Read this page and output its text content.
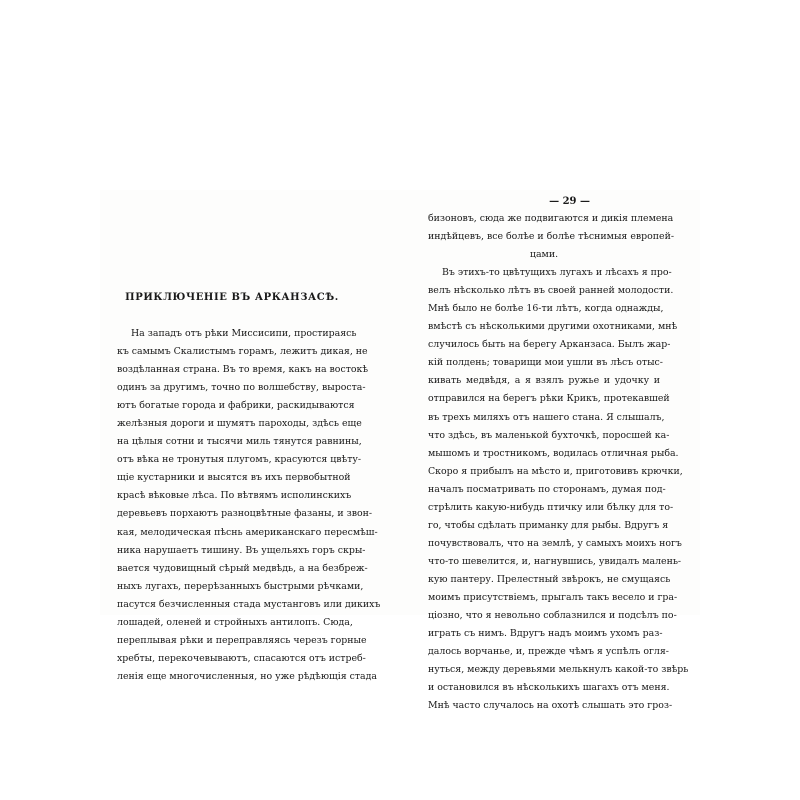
ПРИКЛЮЧЕНІЕ ВЪ АРКАНЗАСѢ.
На западъ отъ рѣки Миссисипи, простираясь
къ самымъ Скалистымъ горамъ, лежитъ дикая, не
воздѣланная страна. Въ то время, какъ на востокѣ
одинъ за другимъ, точно по волшебству, выроста-
ютъ богатые города и фабрики, раскидываются
желѣзныя дороги и шумятъ пароходы, здѣсь еще
на цѣлыя сотни и тысячи миль тянутся равнины,
отъ вѣка не тронутыя плугомъ, красуются цвѣту-
щіе кустарники и высятся въ ихъ первобытной
красѣ вѣковые лѣса. По вѣтвямъ исполинскихъ
деревьевъ порхаютъ разноцвѣтные фазаны, и звон-
кая, мелодическая пѣснь американскаго пересмѣш-
ника нарушаетъ тишину. Въ ущельяхъ горъ скры-
вается чудовищный сѣрый медвѣдь, а на безбреж-
ныхъ лугахъ, перерѣзанныхъ быстрыми рѣчками,
пасутся безчисленныя стада мустанговъ или дикихъ
лошадей, оленей и стройныхъ антилопъ. Сюда,
переплывая рѣки и переправляясь черезъ горные
хребты, перекочевываютъ, спасаются отъ истреб-
ленія еще многочисленныя, но уже рѣдѣющія стада
— 29 —
бизоновъ, сюда же подвигаются и дикія племена
индѣйцевъ, все болѣе и болѣе тѣснимыя европей-
цами.
Въ этихъ-то цвѣтущихъ лугахъ и лѣсахъ я про-
велъ нѣсколько лѣтъ въ своей ранней молодости.
Мнѣ было не болѣе 16-ти лѣтъ, когда однажды,
вмѣстѣ съ нѣсколькими другими охотниками, мнѣ
случилось быть на берегу Арканзаса. Былъ жар-
кій полдень; товарищи мои ушли въ лѣсъ отыс-
кивать медвѣдя, а я взялъ ружье и удочку и
отправился на берегъ рѣки Крикъ, протекавшей
въ трехъ миляхъ отъ нашего стана. Я слышалъ,
что здѣсь, въ маленькой бухточкѣ, поросшей ка-
мышомъ и тростникомъ, водилась отличная рыба.
Скоро я прибылъ на мѣсто и, приготовивъ крючки,
началъ посматривать по сторонамъ, думая под-
стрѣлить какую-нибудь птичку или бѣлку для то-
го, чтобы сдѣлать приманку для рыбы. Вдругъ я
почувствовалъ, что на землѣ, у самыхъ моихъ ногъ
что-то шевелится, и, нагнувшись, увидалъ малень-
кую пантеру. Прелестный звѣрокъ, не смущаясь
моимъ присутствіемъ, прыгалъ такъ весело и гра-
ціозно, что я невольно соблазнился и подсѣлъ по-
играть съ нимъ. Вдругъ надъ моимъ ухомъ раз-
далось ворчанье, и, прежде чѣмъ я успѣлъ огля-
нуться, между деревьями мелькнулъ какой-то звѣрь
и остановился въ нѣсколькихъ шагахъ отъ меня.
Мнѣ часто случалось на охотѣ слышать это гроз-
